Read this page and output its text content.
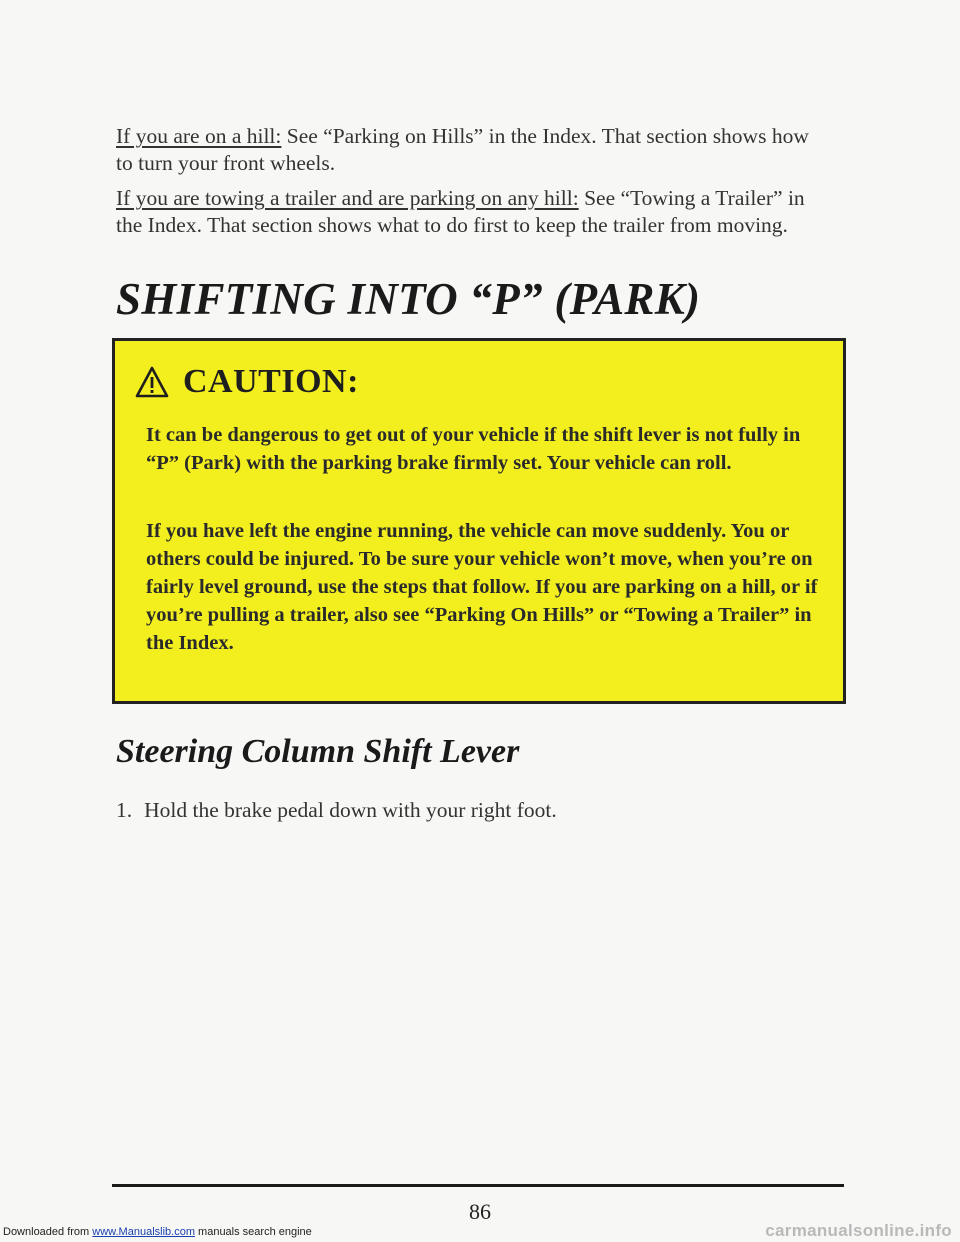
If you are on a hill: See “Parking on Hills” in the Index. That section shows how to turn your front wheels.

If you are towing a trailer and are parking on any hill: See “Towing a Trailer” in the Index. That section shows what to do first to keep the trailer from moving.

SHIFTING INTO “P” (PARK)
CAUTION:

It can be dangerous to get out of your vehicle if the shift lever is not fully in “P” (Park) with the parking brake firmly set. Your vehicle can roll.

If you have left the engine running, the vehicle can move suddenly. You or others could be injured. To be sure your vehicle won’t move, when you’re on fairly level ground, use the steps that follow. If you are parking on a hill, or if you’re pulling a trailer, also see “Parking On Hills” or “Towing a Trailer” in the Index.

Steering Column Shift Lever
1. Hold the brake pedal down with your right foot.
86
Downloaded from www.Manualslib.com manuals search engine	carmanualsonline.info
